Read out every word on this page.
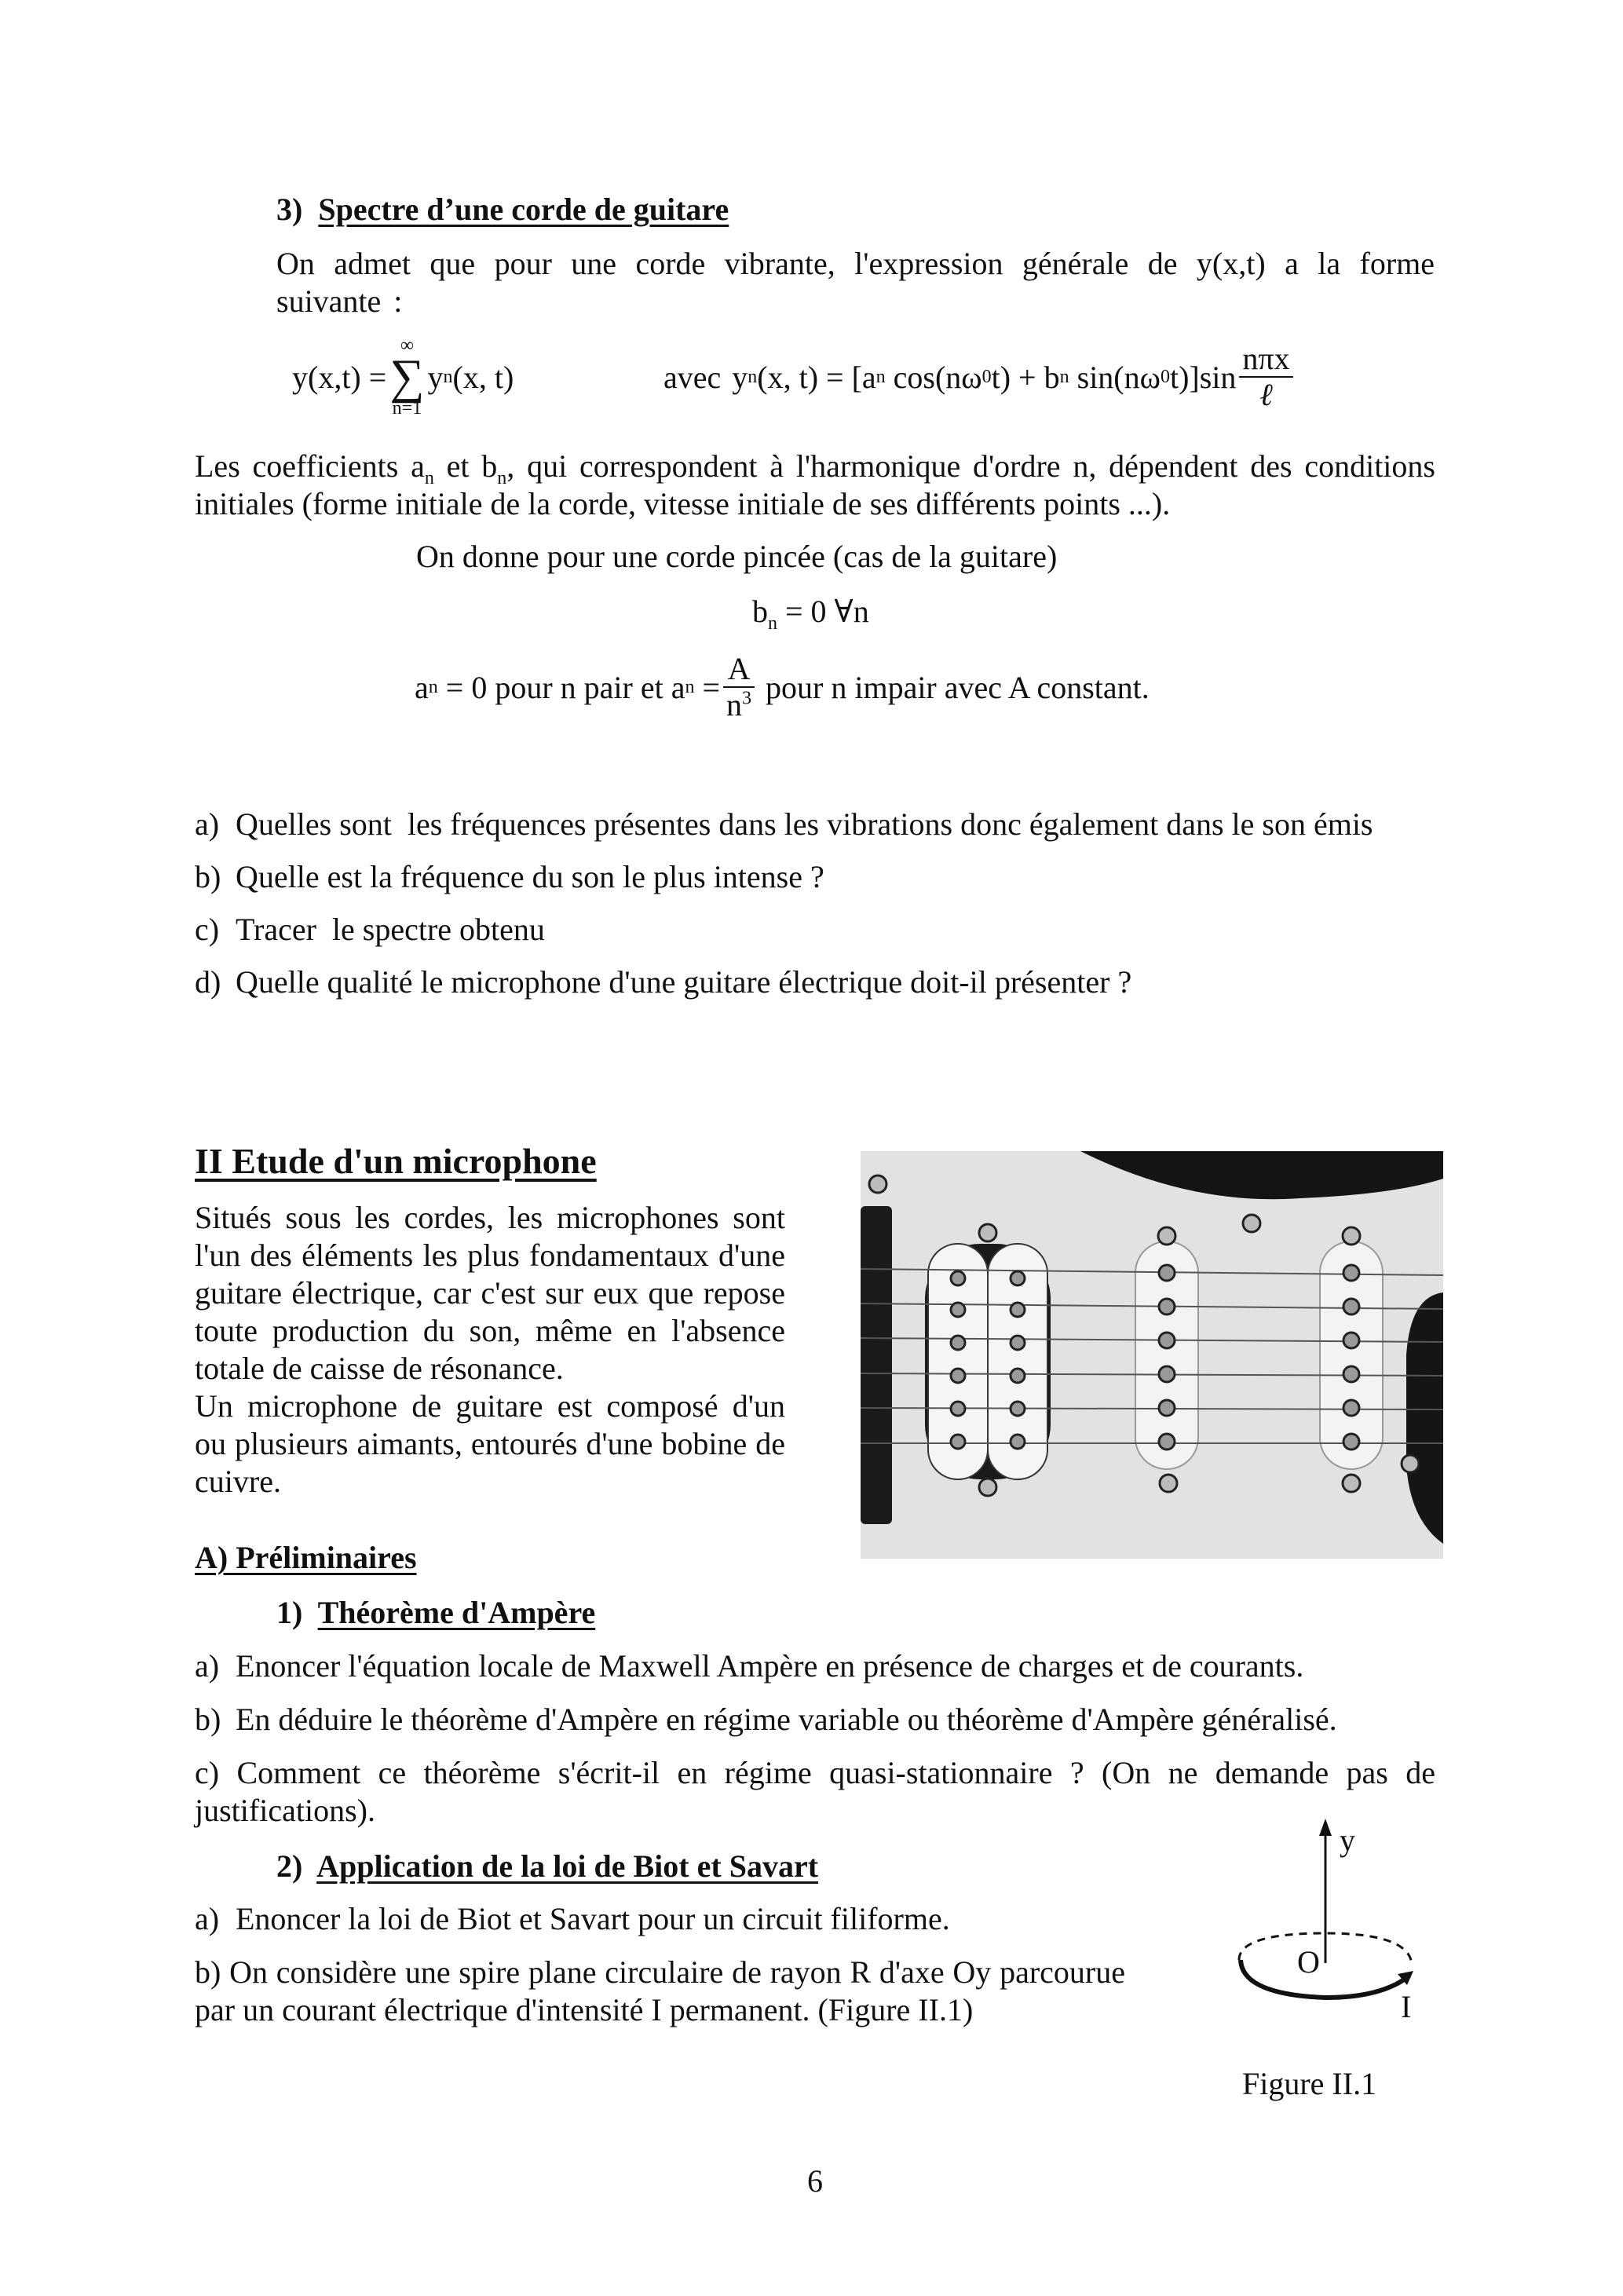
3) Spectre d’une corde de guitare
On admet que pour une corde vibrante, l'expression générale de y(x,t) a la forme suivante :
y(x,t) =
∞
∑
n=1
y n (x, t)	avec y n (x, t) = [a n cos(nω 0 t) + b n sin(nω 0 $t)]\sin \frac{\text{nπx}}{\text{ℓ}}$
Les coefficients $a_n$ et $b_n$, qui correspondent à l'harmonique d'ordre n, dépendent des conditions initiales (forme initiale de la corde, vitesse initiale de ses différents points ...).
On donne pour une corde pincée (cas de la guitare)
$b_n = 0$ ∀n
a n = 0 pour n pair et a $n = \frac{A}{n^3}$ pour n impair avec A constant.
a) Quelles sont  les fréquences présentes dans les vibrations donc également dans le son émis
b) Quelle est la fréquence du son le plus intense ?
c) Tracer  le spectre obtenu
d) Quelle qualité le microphone d'une guitare électrique doit-il présenter ?
II Etude d'un microphone
Situés sous les cordes, les microphones sont l'un des éléments les plus fondamentaux d'une guitare électrique, car c'est sur eux que repose toute production du son, même en l'absence totale de caisse de résonance.
Un microphone de guitare est composé d'un ou plusieurs aimants, entourés d'une bobine de cuivre.
A) Préliminaires
1) Théorème d'Ampère
a) Enoncer l'équation locale de Maxwell Ampère en présence de charges et de courants.
b) En déduire le théorème d'Ampère en régime variable ou théorème d'Ampère généralisé.
c) Comment ce théorème s'écrit-il en régime quasi-stationnaire ? (On ne demande pas de justifications).
2) Application de la loi de Biot et Savart
a) Enoncer la loi de Biot et Savart pour un circuit filiforme.
b) On considère une spire plane circulaire de rayon R d'axe Oy parcourue par un courant électrique d'intensité I permanent. (Figure II.1)
y
O
I
Figure II.1
6
